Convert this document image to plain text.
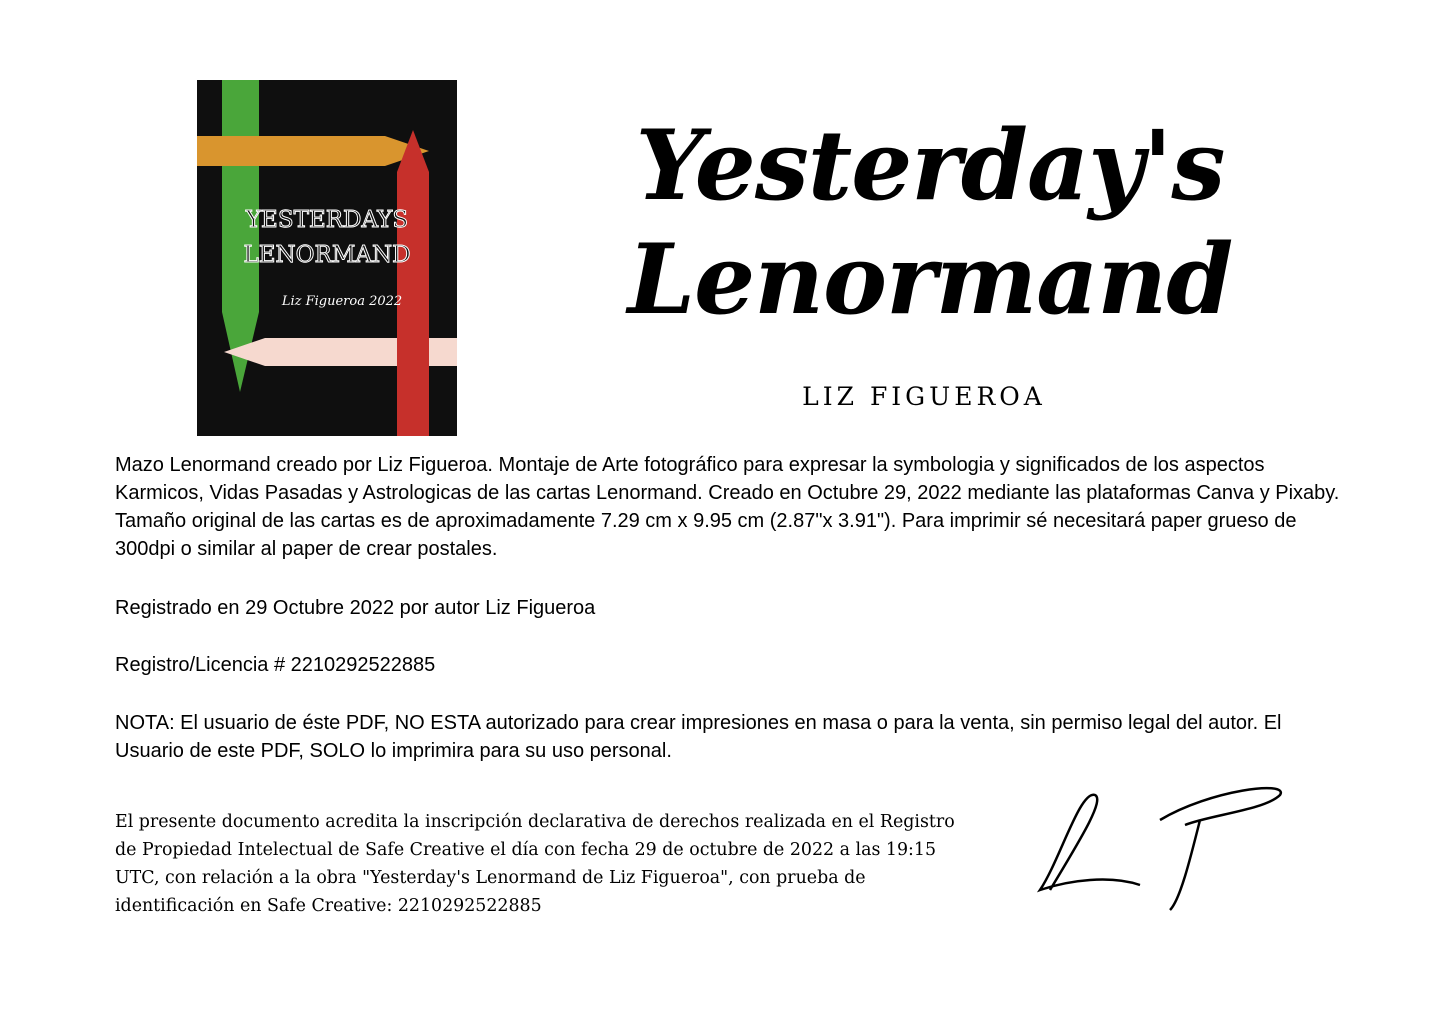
YESTERDAYS
LENORMAND
Liz Figueroa 2022
Yesterday's
Lenormand
LIZ FIGUEROA

Mazo Lenormand creado por Liz Figueroa. Montaje de Arte fotográfico para expresar la symbologia y significados de los aspectos Karmicos, Vidas Pasadas y Astrologicas de las cartas Lenormand. Creado en Octubre 29, 2022 mediante las plataformas Canva y Pixaby. Tamaño original de las cartas es de aproximadamente 7.29 cm x 9.95 cm (2.87"x 3.91"). Para imprimir sé necesitará paper grueso de 300dpi o similar al paper de crear postales.

Registrado en 29 Octubre 2022 por autor Liz Figueroa

Registro/Licencia # 2210292522885

NOTA: El usuario de éste PDF, NO ESTA autorizado para crear impresiones en masa o para la venta, sin permiso legal del autor. El Usuario de este PDF, SOLO lo imprimira para su uso personal.

El presente documento acredita la inscripción declarativa de derechos realizada en el Registro de Propiedad Intelectual de Safe Creative el día con fecha 29 de octubre de 2022 a las 19:15 UTC, con relación a la obra "Yesterday's Lenormand de Liz Figueroa", con prueba de identificación en Safe Creative: 2210292522885
